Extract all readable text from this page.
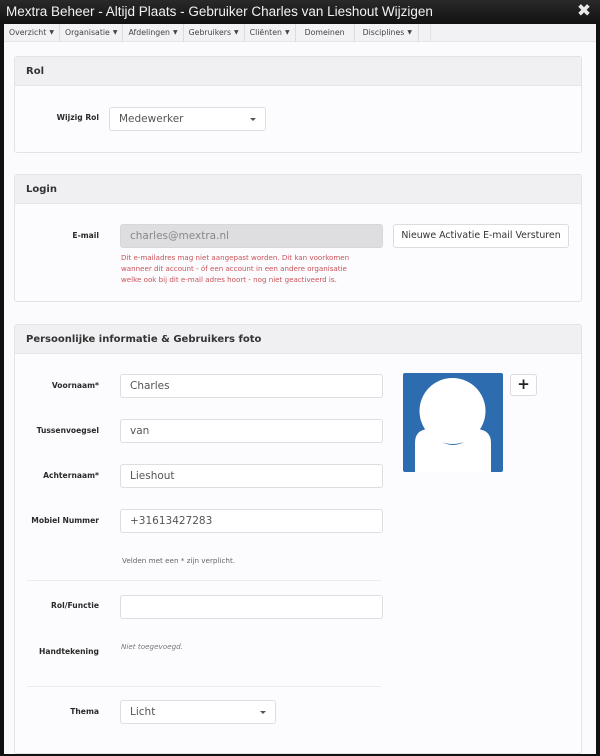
Mextra Beheer - Altijd Plaats - Gebruiker Charles van Lieshout Wijzigen	✖
Overzicht ▼	Organisatie ▼	Afdelingen ▼	Gebruikers ▼	Cliënten ▼	Domeinen	Disciplines ▼
Rol
Wijzig Rol	Medewerker
Login
E-mail	charles@mextra.nl
Dit e-mailadres mag niet aangepast worden. Dit kan voorkomen
wanneer dit account - óf een account in een andere organisatie
welke ook bij dit e-mail adres hoort - nog niet geactiveerd is.
Nieuwe Activatie E-mail Versturen
Persoonlijke informatie & Gebruikers foto
Voornaam*	Charles
Tussenvoegsel	van
Achternaam*	Lieshout
Mobiel Nummer	+31613427283
Velden met een * zijn verplicht.
Rol/Functie
Handtekening
Niet toegevoegd.
Thema	Licht
+
